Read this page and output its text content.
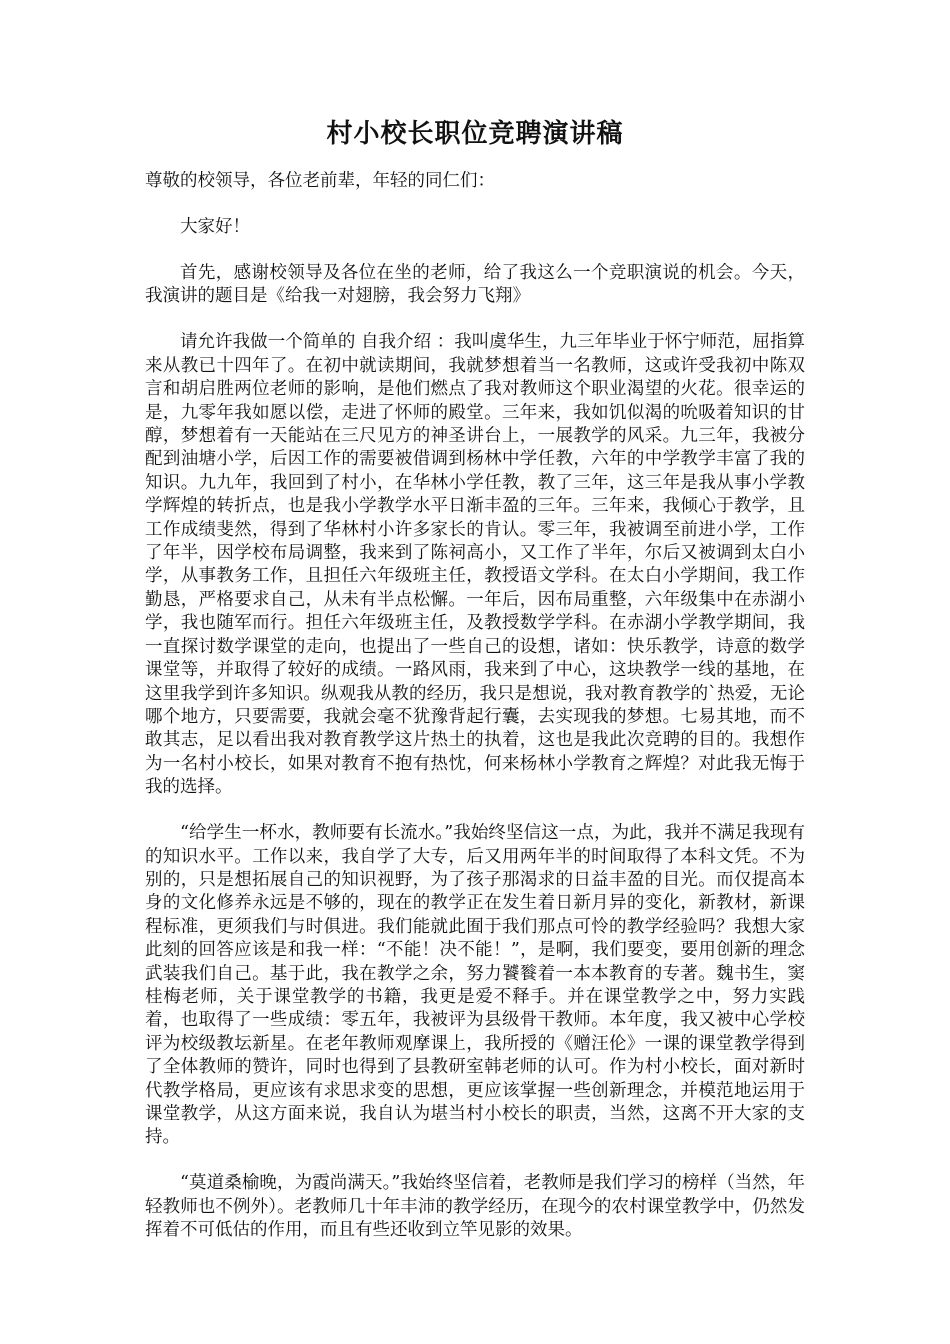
村小校长职位竞聘演讲稿

尊敬的校领导，各位老前辈，年轻的同仁们：

大家好！

首先，感谢校领导及各位在坐的老师，给了我这么一个竞职演说的机会。今天，我演讲的题目是《给我一对翅膀，我会努力飞翔》

请允许我做一个简单的 自我介绍 ：我叫虞华生，九三年毕业于怀宁师范，屈指算来从教已十四年了。在初中就读期间，我就梦想着当一名教师，这或许受我初中陈双言和胡启胜两位老师的影响，是他们燃点了我对教师这个职业渴望的火花。很幸运的是，九零年我如愿以偿，走进了怀师的殿堂。三年来，我如饥似渴的吮吸着知识的甘醇，梦想着有一天能站在三尺见方的神圣讲台上，一展教学的风采。九三年，我被分配到油塘小学，后因工作的需要被借调到杨林中学任教，六年的中学教学丰富了我的知识。九九年，我回到了村小，在华林小学任教，教了三年，这三年是我从事小学教学辉煌的转折点，也是我小学教学水平日渐丰盈的三年。三年来，我倾心于教学，且工作成绩斐然，得到了华林村小许多家长的肯认。零三年，我被调至前进小学，工作了年半，因学校布局调整，我来到了陈祠高小，又工作了半年，尔后又被调到太白小学，从事教务工作，且担任六年级班主任，教授语文学科。在太白小学期间，我工作勤恳，严格要求自己，从未有半点松懈。一年后，因布局重整，六年级集中在赤湖小学，我也随军而行。担任六年级班主任，及教授数学学科。在赤湖小学教学期间，我一直探讨数学课堂的走向，也提出了一些自己的设想，诸如：快乐教学，诗意的数学课堂等，并取得了较好的成绩。一路风雨，我来到了中心，这块教学一线的基地，在这里我学到许多知识。纵观我从教的经历，我只是想说，我对教育教学的`热爱，无论哪个地方，只要需要，我就会毫不犹豫背起行囊，去实现我的梦想。七易其地，而不敢其志，足以看出我对教育教学这片热土的执着，这也是我此次竞聘的目的。我想作为一名村小校长，如果对教育不抱有热忱，何来杨林小学教育之辉煌？对此我无悔于我的选择。

“给学生一杯水，教师要有长流水。”我始终坚信这一点，为此，我并不满足我现有的知识水平。工作以来，我自学了大专，后又用两年半的时间取得了本科文凭。不为别的，只是想拓展自己的知识视野，为了孩子那渴求的日益丰盈的目光。而仅提高本身的文化修养永远是不够的，现在的教学正在发生着日新月异的变化，新教材，新课程标准，更须我们与时俱进。我们能就此囿于我们那点可怜的教学经验吗？我想大家此刻的回答应该是和我一样：“不能！决不能！”，是啊，我们要变，要用创新的理念武装我们自己。基于此，我在教学之余，努力饕餮着一本本教育的专著。魏书生，窦桂梅老师，关于课堂教学的书籍，我更是爱不释手。并在课堂教学之中，努力实践着，也取得了一些成绩：零五年，我被评为县级骨干教师。本年度，我又被中心学校评为校级教坛新星。在老年教师观摩课上，我所授的《赠汪伦》一课的课堂教学得到了全体教师的赞许，同时也得到了县教研室韩老师的认可。作为村小校长，面对新时代教学格局，更应该有求思求变的思想，更应该掌握一些创新理念，并模范地运用于课堂教学，从这方面来说，我自认为堪当村小校长的职责，当然，这离不开大家的支持。

“莫道桑榆晚，为霞尚满天。”我始终坚信着，老教师是我们学习的榜样（当然，年轻教师也不例外）。老教师几十年丰沛的教学经历，在现今的农村课堂教学中，仍然发挥着不可低估的作用，而且有些还收到立竿见影的效果。
